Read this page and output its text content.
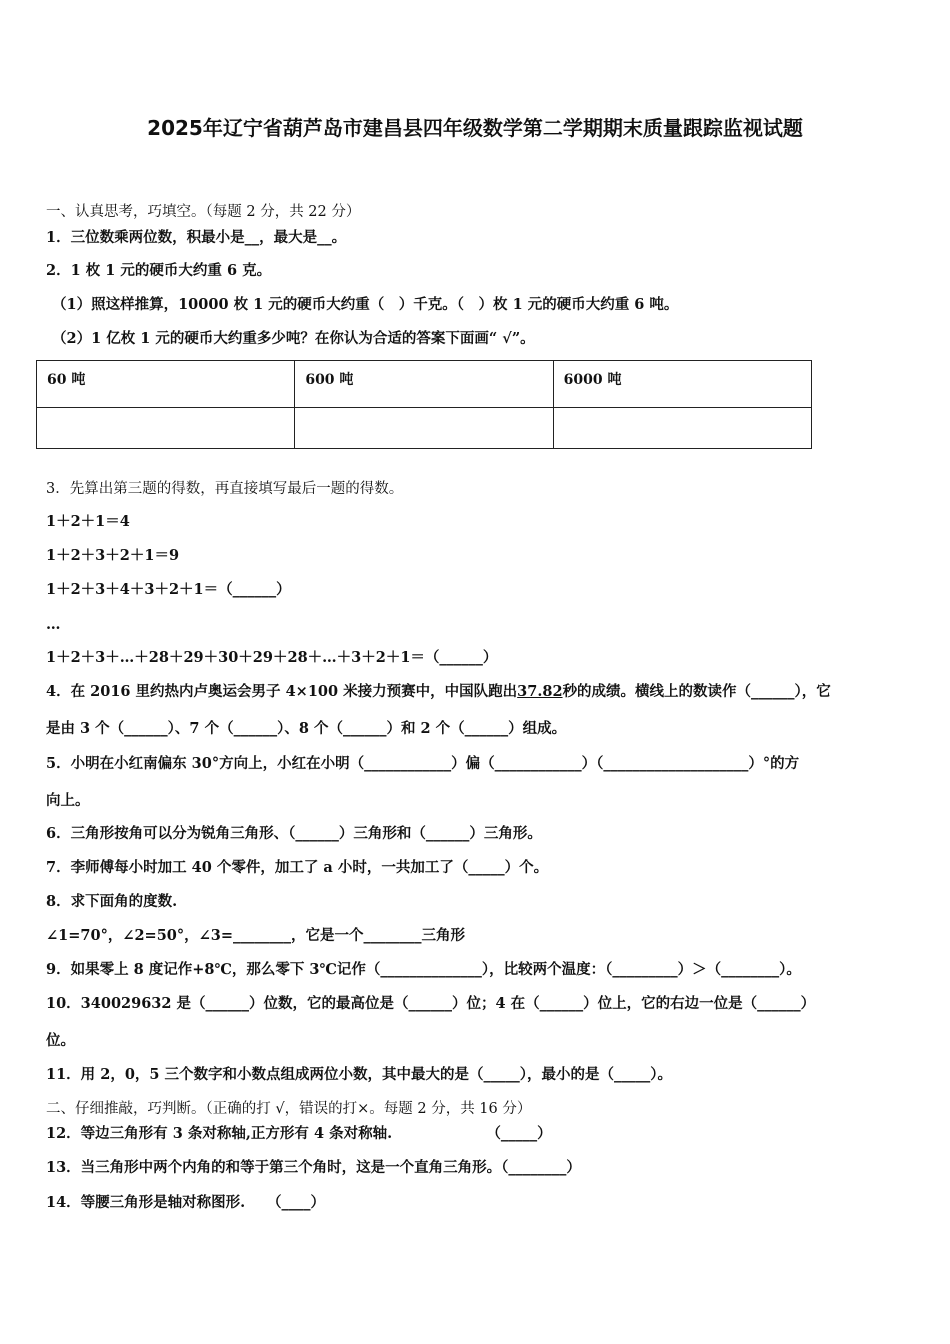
2025年辽宁省葫芦岛市建昌县四年级数学第二学期期末质量跟踪监视试题
一、认真思考，巧填空。（每题 2 分，共 22 分）
1．三位数乘两位数，积最小是__，最大是__。
2．1 枚 1 元的硬币大约重 6 克。
（1）照这样推算，10000 枚 1 元的硬币大约重（　）千克。（　）枚 1 元的硬币大约重 6 吨。
（2）1 亿枚 1 元的硬币大约重多少吨？在你认为合适的答案下面画“ √”。
60 吨	600 吨	6000 吨

3．先算出第三题的得数，再直接填写最后一题的得数。
1＋2＋1＝4
1＋2＋3＋2＋1＝9
1＋2＋3＋4＋3＋2＋1＝（______）
…
1＋2＋3＋…＋28＋29＋30＋29＋28＋…＋3＋2＋1＝（______）
4．在 2016 里约热内卢奥运会男子 4×100 米接力预赛中，中国队跑出37.82秒的成绩。横线上的数读作（______），它
是由 3 个（______）、7 个（______）、8 个（______）和 2 个（______）组成。
5．小明在小红南偏东 30°方向上，小红在小明（____________）偏（____________）（____________________）°的方
向上。
6．三角形按角可以分为锐角三角形、（______）三角形和（______）三角形。
7．李师傅每小时加工 40 个零件，加工了 a 小时，一共加工了（_____）个。
8．求下面角的度数.
∠1=70°，∠2=50°，∠3=________，它是一个________三角形
9．如果零上 8 度记作+8℃，那么零下 3℃记作（______________），比较两个温度：（_________）＞（________）。
10．340029632 是（______）位数，它的最高位是（______）位；4 在（______）位上，它的右边一位是（______）
位。
11．用 2，0，5 三个数字和小数点组成两位小数，其中最大的是（_____），最小的是（_____）。
二、仔细推敲，巧判断。（正确的打 √，错误的打×。每题 2 分，共 16 分）
12．等边三角形有 3 条对称轴,正方形有 4 条对称轴.　　　　　　　（_____）
13．当三角形中两个内角的和等于第三个角时，这是一个直角三角形。（________）
14．等腰三角形是轴对称图形.　　（____）
